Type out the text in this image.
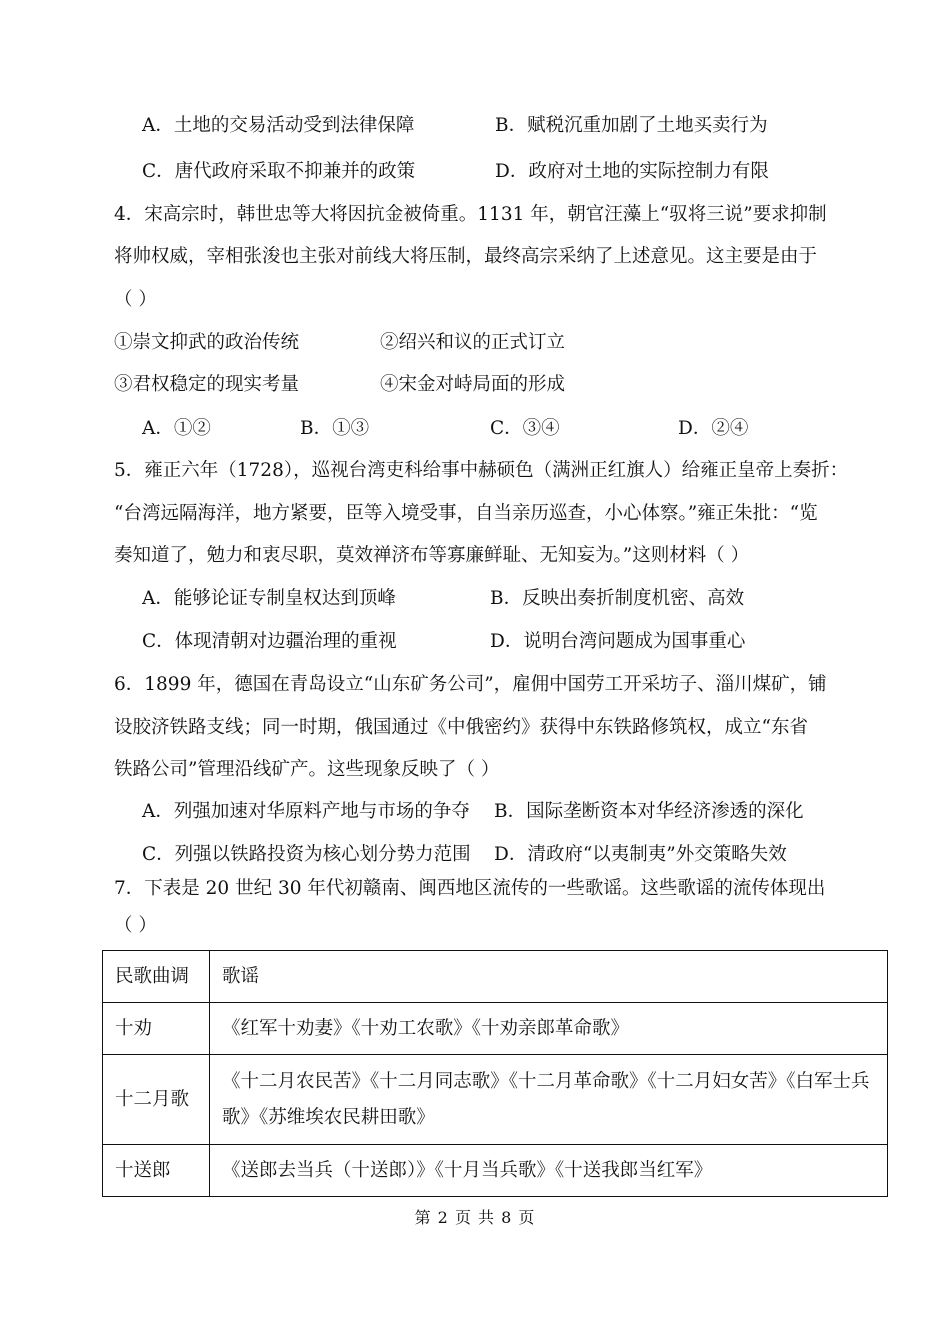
A．土地的交易活动受到法律保障	B．赋税沉重加剧了土地买卖行为
C．唐代政府采取不抑兼并的政策	D．政府对土地的实际控制力有限
4．宋高宗时，韩世忠等大将因抗金被倚重。1131 年，朝官汪藻上“驭将三说”要求抑制
将帅权威，宰相张浚也主张对前线大将压制，最终高宗采纳了上述意见。这主要是由于
（ ）
①崇文抑武的政治传统	②绍兴和议的正式订立
③君权稳定的现实考量	④宋金对峙局面的形成
A．①②	B．①③	C．③④	D．②④
5．雍正六年（1728），巡视台湾吏科给事中赫硕色（满洲正红旗人）给雍正皇帝上奏折：
“台湾远隔海洋，地方紧要，臣等入境受事，自当亲历巡查，小心体察。”雍正朱批：“览
奏知道了，勉力和衷尽职，莫效禅济布等寡廉鲜耻、无知妄为。”这则材料（ ）
A．能够论证专制皇权达到顶峰	B．反映出奏折制度机密、高效
C．体现清朝对边疆治理的重视	D．说明台湾问题成为国事重心
6．1899 年，德国在青岛设立“山东矿务公司”，雇佣中国劳工开采坊子、淄川煤矿，铺
设胶济铁路支线；同一时期，俄国通过《中俄密约》获得中东铁路修筑权，成立“东省
铁路公司”管理沿线矿产。这些现象反映了（ ）
A．列强加速对华原料产地与市场的争夺 B．国际垄断资本对华经济渗透的深化
C．列强以铁路投资为核心划分势力范围 D．清政府“以夷制夷”外交策略失效
7．下表是 20 世纪 30 年代初赣南、闽西地区流传的一些歌谣。这些歌谣的流传体现出
（ ）
民歌曲调	歌谣
十劝	《红军十劝妻》《十劝工农歌》《十劝亲郎革命歌》
十二月歌	《十二月农民苦》《十二月同志歌》《十二月革命歌》《十二月妇女苦》《白军士兵歌》《苏维埃农民耕田歌》
十送郎	《送郎去当兵（十送郎）》《十月当兵歌》《十送我郎当红军》
第 2 页 共 8 页
